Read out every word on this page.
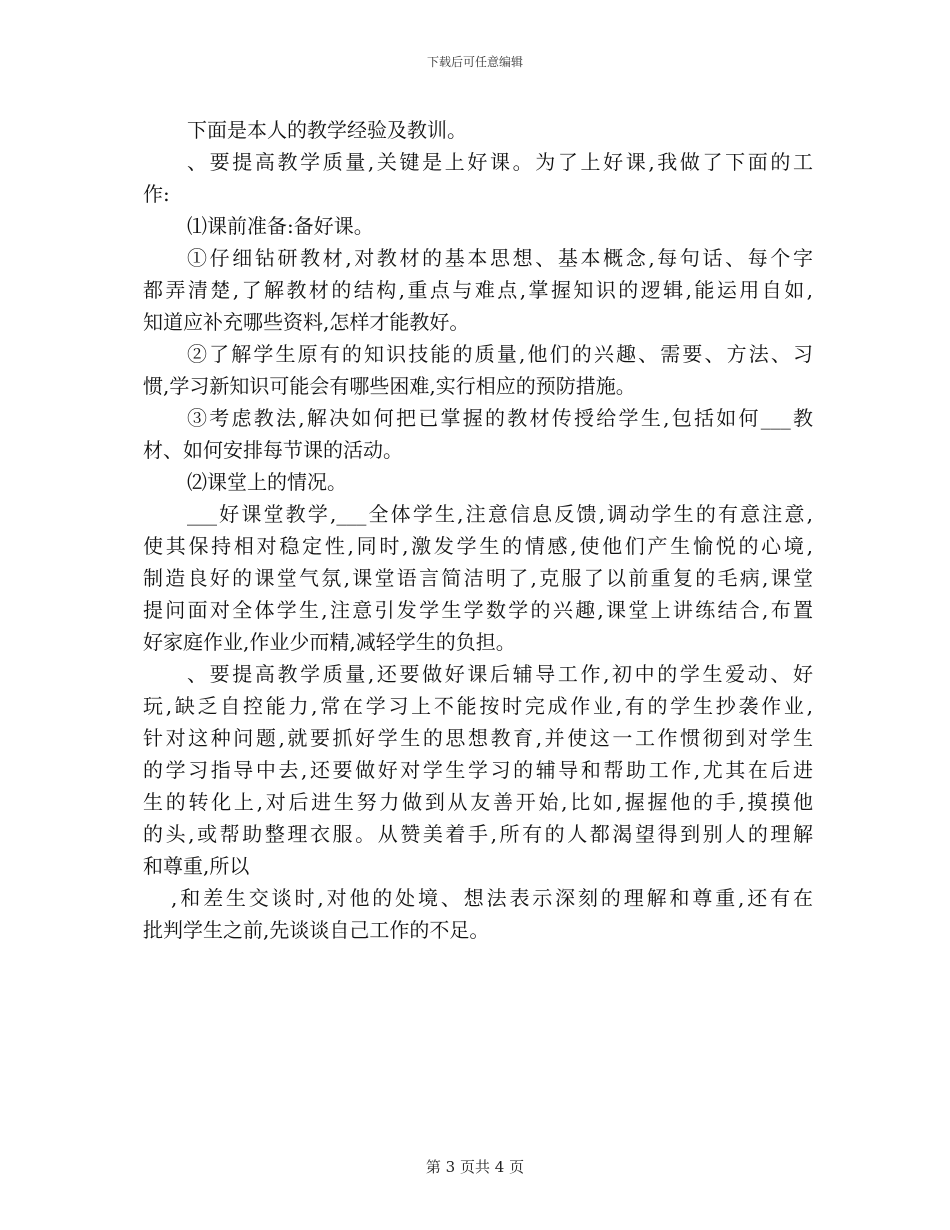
下载后可任意编辑
下面是本人的教学经验及教训。
、要提高教学质量,关键是上好课。为了上好课,我做了下面的工
作:
⑴课前准备:备好课。
①仔细钻研教材,对教材的基本思想、基本概念,每句话、每个字
都弄清楚,了解教材的结构,重点与难点,掌握知识的逻辑,能运用自如,
知道应补充哪些资料,怎样才能教好。
②了解学生原有的知识技能的质量,他们的兴趣、需要、方法、习
惯,学习新知识可能会有哪些困难,实行相应的预防措施。
③考虑教法,解决如何把已掌握的教材传授给学生,包括如何___教
材、如何安排每节课的活动。
⑵课堂上的情况。
___好课堂教学,___全体学生,注意信息反馈,调动学生的有意注意,
使其保持相对稳定性,同时,激发学生的情感,使他们产生愉悦的心境,
制造良好的课堂气氛,课堂语言简洁明了,克服了以前重复的毛病,课堂
提问面对全体学生,注意引发学生学数学的兴趣,课堂上讲练结合,布置
好家庭作业,作业少而精,减轻学生的负担。
、要提高教学质量,还要做好课后辅导工作,初中的学生爱动、好
玩,缺乏自控能力,常在学习上不能按时完成作业,有的学生抄袭作业,
针对这种问题,就要抓好学生的思想教育,并使这一工作惯彻到对学生
的学习指导中去,还要做好对学生学习的辅导和帮助工作,尤其在后进
生的转化上,对后进生努力做到从友善开始,比如,握握他的手,摸摸他
的头,或帮助整理衣服。从赞美着手,所有的人都渴望得到别人的理解
和尊重,所以
,和差生交谈时,对他的处境、想法表示深刻的理解和尊重,还有在
批判学生之前,先谈谈自己工作的不足。
第 3 页共 4 页
